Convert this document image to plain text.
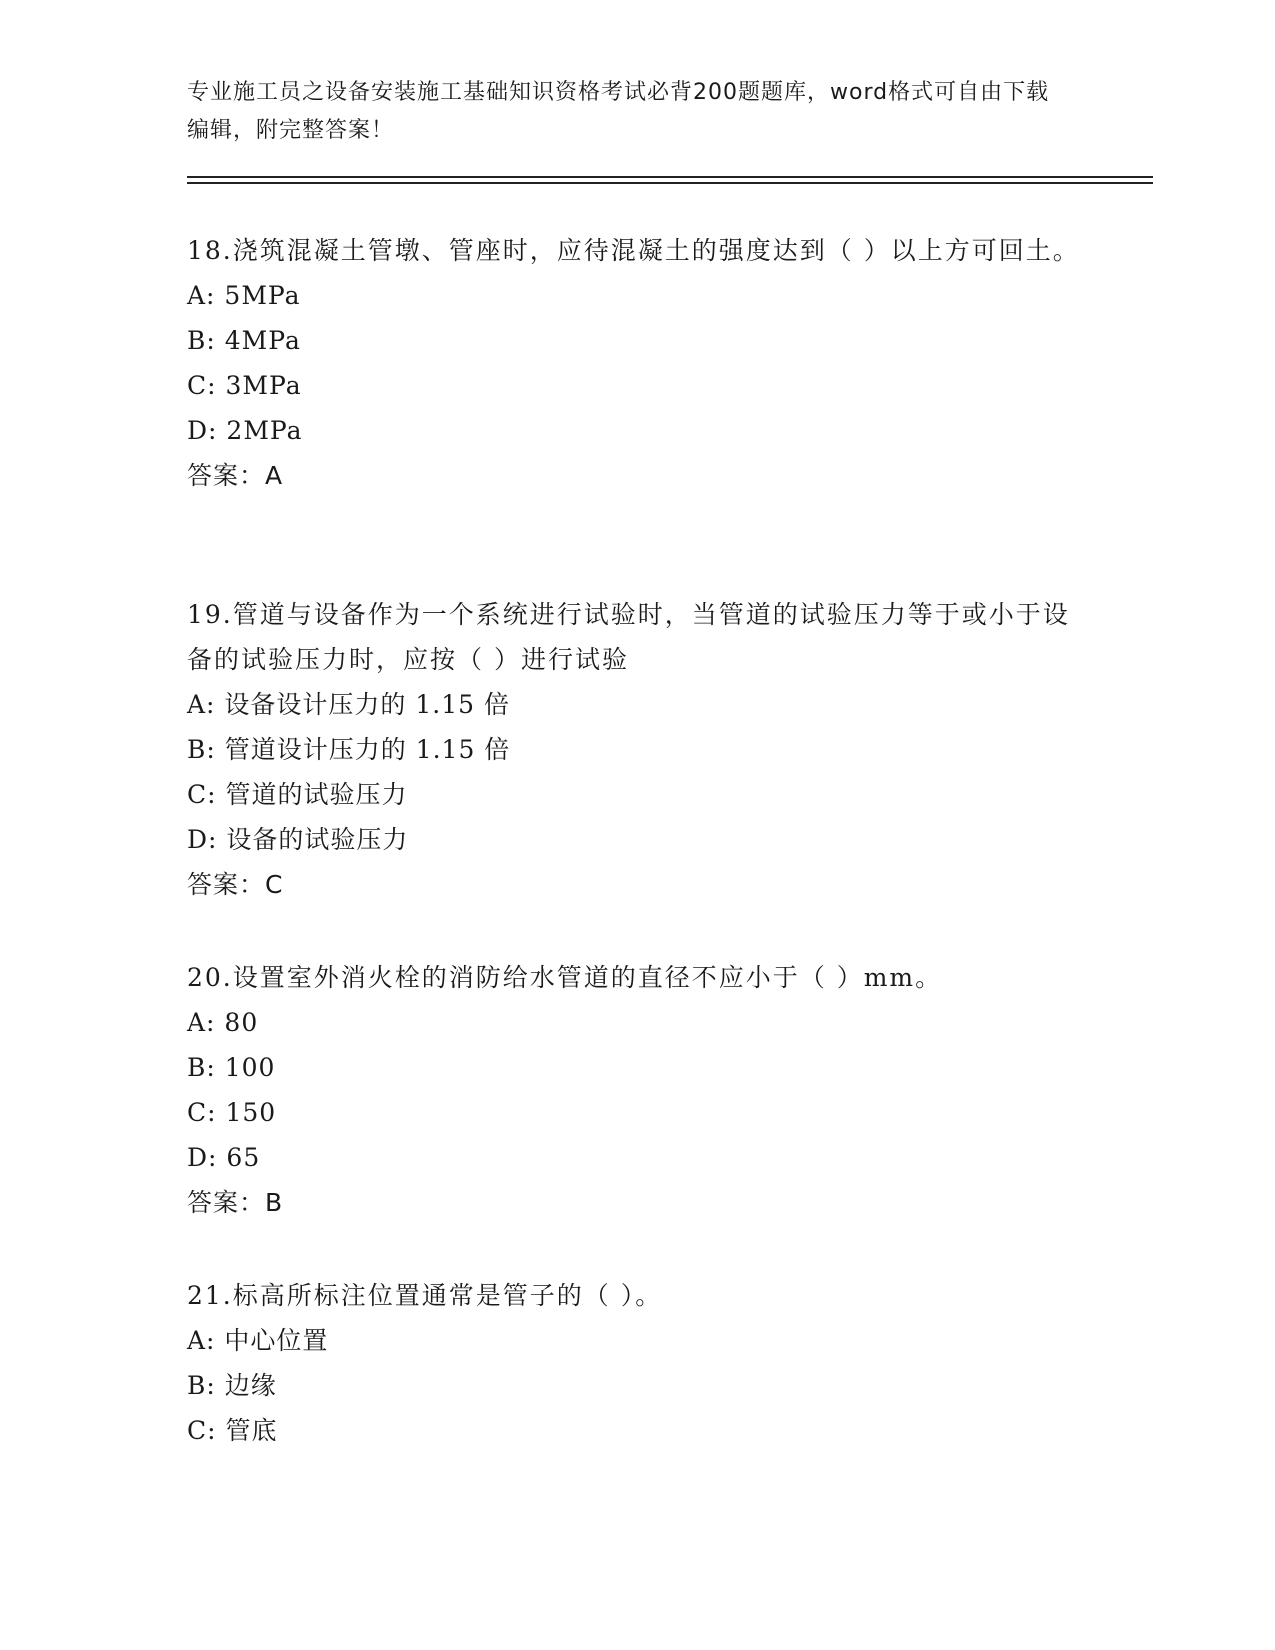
专业施工员之设备安装施工基础知识资格考试必背200题题库，word格式可自由下载编辑，附完整答案！

18.浇筑混凝土管墩、管座时，应待混凝土的强度达到（ ）以上方可回土。

A: 5MPa

B: 4MPa

C: 3MPa

D: 2MPa

答案：A

19.管道与设备作为一个系统进行试验时，当管道的试验压力等于或小于设备的试验压力时，应按（ ）进行试验

A: 设备设计压力的 1.15 倍

B: 管道设计压力的 1.15 倍

C: 管道的试验压力

D: 设备的试验压力

答案：C

20.设置室外消火栓的消防给水管道的直径不应小于（ ）mm。

A: 80

B: 100

C: 150

D: 65

答案：B

21.标高所标注位置通常是管子的（ ）。

A: 中心位置

B: 边缘

C: 管底
